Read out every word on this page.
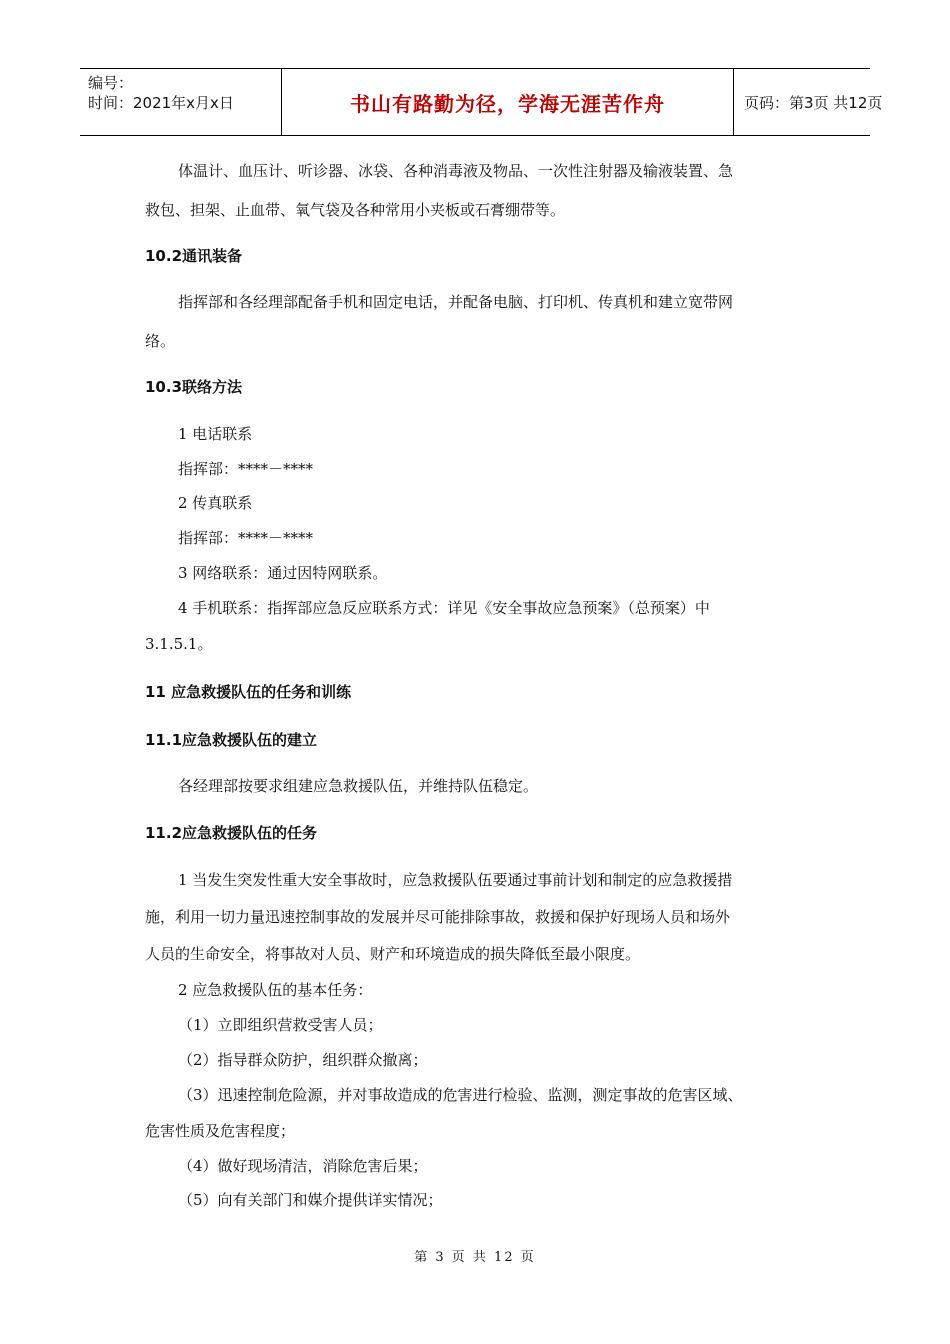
编号：
时间：2021年x月x日	书山有路勤为径，学海无涯苦作舟	页码：第3页 共12页
体温计、血压计、听诊器、冰袋、各种消毒液及物品、一次性注射器及输液装置、急
救包、担架、止血带、氧气袋及各种常用小夹板或石膏绷带等。
10.2通讯装备
指挥部和各经理部配备手机和固定电话，并配备电脑、打印机、传真机和建立宽带网
络。
10.3联络方法
1 电话联系
指挥部：****－****
2 传真联系
指挥部：****－****
3 网络联系：通过因特网联系。
4 手机联系：指挥部应急反应联系方式：详见《安全事故应急预案》（总预案）中
3.1.5.1。
11 应急救援队伍的任务和训练
11.1应急救援队伍的建立
各经理部按要求组建应急救援队伍，并维持队伍稳定。
11.2应急救援队伍的任务
1 当发生突发性重大安全事故时，应急救援队伍要通过事前计划和制定的应急救援措
施，利用一切力量迅速控制事故的发展并尽可能排除事故，救援和保护好现场人员和场外
人员的生命安全，将事故对人员、财产和环境造成的损失降低至最小限度。
2 应急救援队伍的基本任务：
（1）立即组织营救受害人员；
（2）指导群众防护，组织群众撤离；
（3）迅速控制危险源，并对事故造成的危害进行检验、监测，测定事故的危害区域、
危害性质及危害程度；
（4）做好现场清洁，消除危害后果；
（5）向有关部门和媒介提供详实情况；
第 3 页 共 12 页
